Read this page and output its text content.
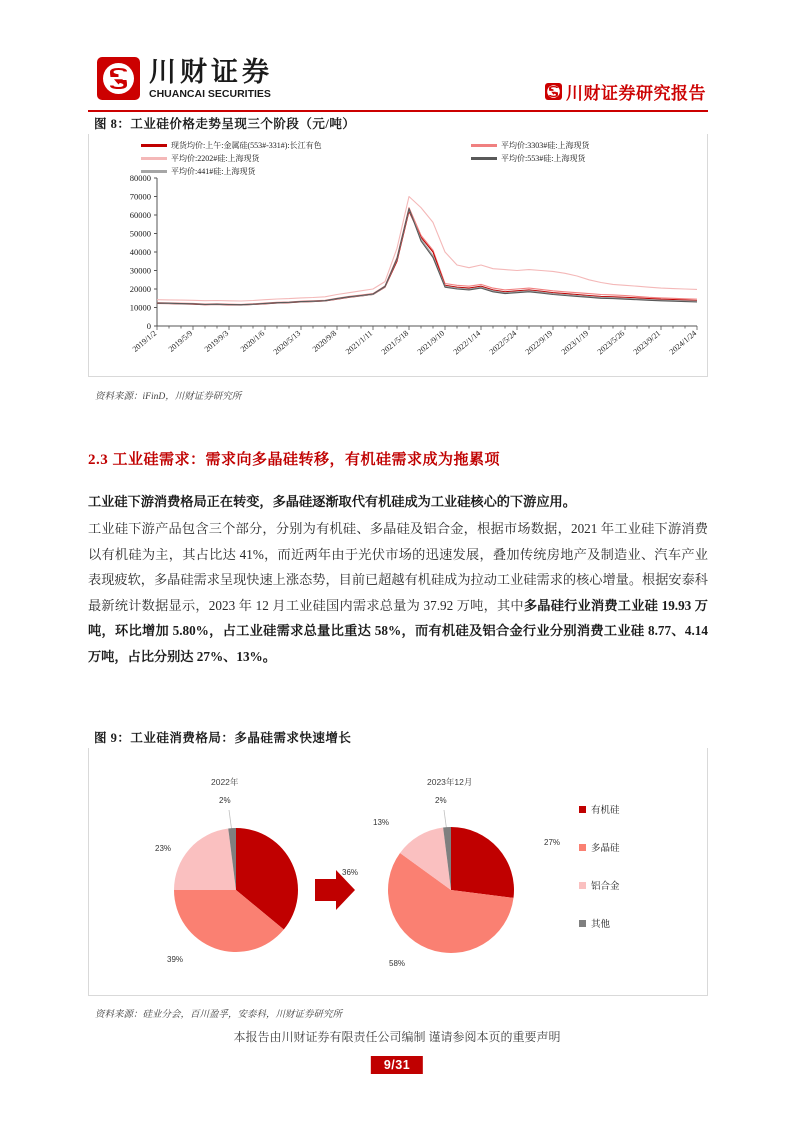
川财证券
CHUANCAI SECURITIES	川财证券研究报告
图 8：工业硅价格走势呈现三个阶段（元/吨）
现货均价:上午:金属硅(553#-331#):长江有色	平均价:3303#硅:上海现货
平均价:2202#硅:上海现货	平均价:553#硅:上海现货
平均价:441#硅:上海现货
0
10000
20000
30000
40000
50000
60000
70000
80000
2019/1/2 2019/5/9 2019/9/3 2020/1/6 2020/5/13 2020/9/8 2021/1/11 2021/5/18 2021/9/10 2022/1/14 2022/5/24 2022/9/19 2023/1/19 2023/5/26 2023/9/21 2024/1/24
资料来源：iFinD，川财证券研究所
2.3 工业硅需求：需求向多晶硅转移，有机硅需求成为拖累项
工业硅下游消费格局正在转变，多晶硅逐渐取代有机硅成为工业硅核心的下游应用。
工业硅下游产品包含三个部分，分别为有机硅、多晶硅及铝合金，根据市场数据，2021 年工业硅下游消费以有机硅为主，其占比达 41%，而近两年由于光伏市场的迅速发展，叠加传统房地产及制造业、汽车产业表现疲软，多晶硅需求呈现快速上涨态势，目前已超越有机硅成为拉动工业硅需求的核心增量。根据安泰科最新统计数据显示，2023 年 12 月工业硅国内需求总量为 37.92 万吨，其中多晶硅行业消费工业硅 19.93 万吨，环比增加 5.80%，占工业硅需求总量比重达 58%，而有机硅及铝合金行业分别消费工业硅 8.77、4.14 万吨，占比分别达 27%、13%。
图 9：工业硅消费格局：多晶硅需求快速增长
2022年	2023年12月
2%
36%
39%
23%
2%
27%
58%
13%
有机硅
多晶硅
铝合金
其他
资料来源：硅业分会，百川盈孚，安泰科，川财证券研究所
本报告由川财证券有限责任公司编制 谨请参阅本页的重要声明
9/31
